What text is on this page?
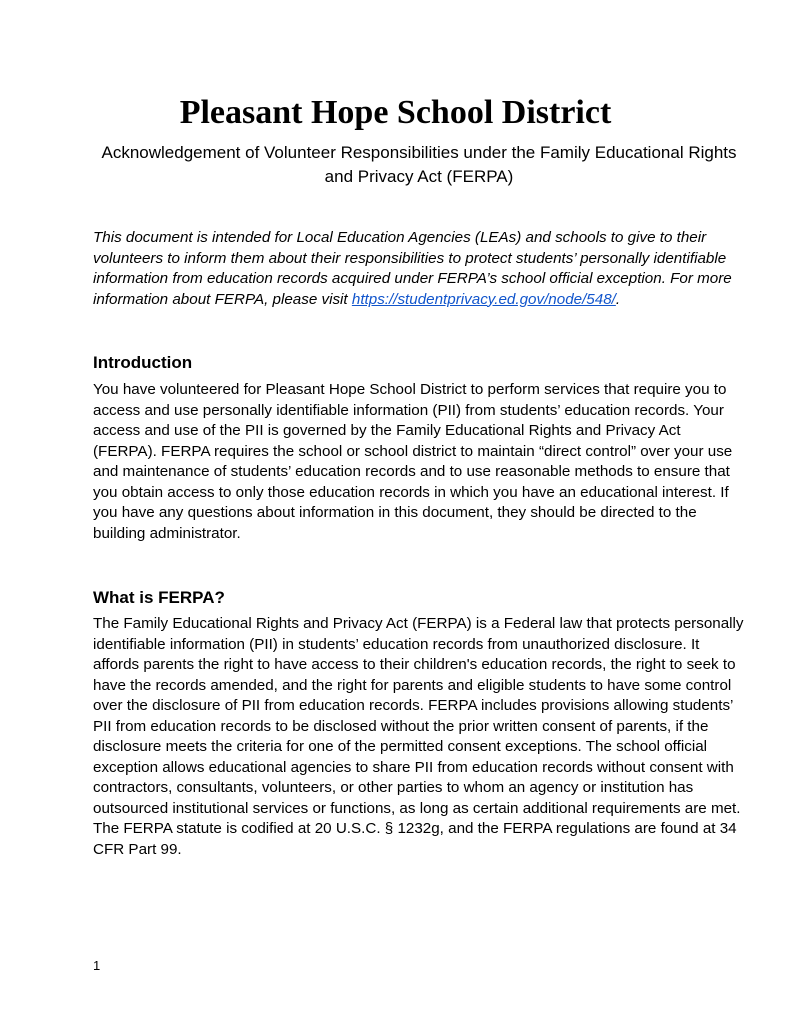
Pleasant Hope School District

Acknowledgement of Volunteer Responsibilities under the Family Educational Rights and Privacy Act (FERPA)

This document is intended for Local Education Agencies (LEAs) and schools to give to their volunteers to inform them about their responsibilities to protect students’ personally identifiable information from education records acquired under FERPA’s school official exception. For more information about FERPA, please visit https://studentprivacy.ed.gov/node/548/.

Introduction

You have volunteered for Pleasant Hope School District to perform services that require you to access and use personally identifiable information (PII) from students’ education records. Your access and use of the PII is governed by the Family Educational Rights and Privacy Act (FERPA). FERPA requires the school or school district to maintain “direct control” over your use and maintenance of students’ education records and to use reasonable methods to ensure that you obtain access to only those education records in which you have an educational interest. If you have any questions about information in this document, they should be directed to the building administrator.

What is FERPA?

The Family Educational Rights and Privacy Act (FERPA) is a Federal law that protects personally identifiable information (PII) in students’ education records from unauthorized disclosure. It affords parents the right to have access to their children's education records, the right to seek to have the records amended, and the right for parents and eligible students to have some control over the disclosure of PII from education records. FERPA includes provisions allowing students’ PII from education records to be disclosed without the prior written consent of parents, if the disclosure meets the criteria for one of the permitted consent exceptions. The school official exception allows educational agencies to share PII from education records without consent with contractors, consultants, volunteers, or other parties to whom an agency or institution has outsourced institutional services or functions, as long as certain additional requirements are met. The FERPA statute is codified at 20 U.S.C. § 1232g, and the FERPA regulations are found at 34 CFR Part 99.

1
